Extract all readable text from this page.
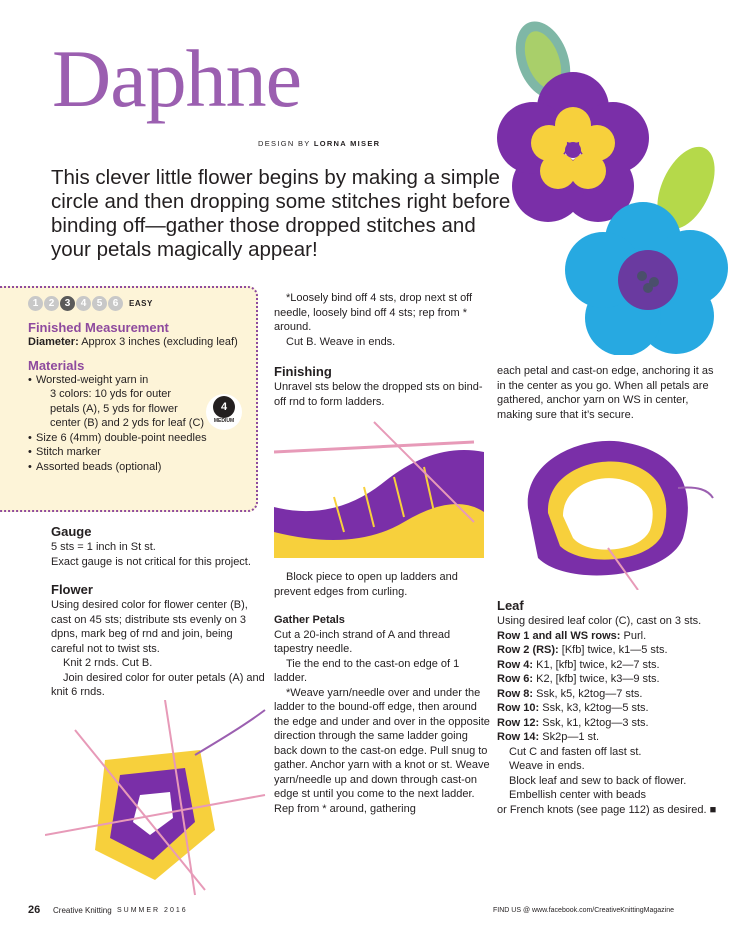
Daphne
DESIGN BY LORNA MISER
This clever little flower begins by making a simple circle and then dropping some stitches right before binding off—gather those dropped stitches and your petals magically appear!
1	2	3	4	5	6	EASY
Finished Measurement

Diameter: Approx 3 inches (excluding leaf)

Materials
• Worsted-weight yarn in
3 colors: 10 yds for outer
petals (A), 5 yds for flower
center (B) and 2 yds for leaf (C)
• Size 6 (4mm) double-point needles
• Stitch marker
• Assorted beads (optional)
4
MEDIUM
Gauge

5 sts = 1 inch in St st.

Exact gauge is not critical for this project.

Flower

Using desired color for flower center (B), cast on 45 sts; distribute sts evenly on 3 dpns, mark beg of rnd and join, being careful not to twist sts.

Knit 2 rnds. Cut B.

Join desired color for outer petals (A) and knit 6 rnds.

*Loosely bind off 4 sts, drop next st off needle, loosely bind off 4 sts; rep from * around.

Cut B. Weave in ends.

Finishing

Unravel sts below the dropped sts on bind-off rnd to form ladders.

Block piece to open up ladders and prevent edges from curling.

Gather Petals

Cut a 20-inch strand of A and thread tapestry needle.

Tie the end to the cast-on edge of 1 ladder.

*Weave yarn/needle over and under the ladder to the bound-off edge, then around the edge and under and over in the opposite direction through the same ladder going back down to the cast-on edge. Pull snug to gather. Anchor yarn with a knot or st. Weave yarn/needle up and down through cast-on edge st until you come to the next ladder. Rep from * around, gathering

each petal and cast-on edge, anchoring it as in the center as you go. When all petals are gathered, anchor yarn on WS in center, making sure that it’s secure.

Leaf

Using desired leaf color (C), cast on 3 sts.

Row 1 and all WS rows: Purl.

Row 2 (RS): [Kfb] twice, k1—5 sts.

Row 4: K1, [kfb] twice, k2—7 sts.

Row 6: K2, [kfb] twice, k3—9 sts.

Row 8: Ssk, k5, k2tog—7 sts.

Row 10: Ssk, k3, k2tog—5 sts.

Row 12: Ssk, k1, k2tog—3 sts.

Row 14: Sk2p—1 st.

Cut C and fasten off last st.

Weave in ends.

Block leaf and sew to back of flower.

Embellish center with beads

or French knots (see page 112) as desired. ■

26 Creative Knitting SUMMER 2016	FIND US @ www.facebook.com/CreativeKnittingMagazine
